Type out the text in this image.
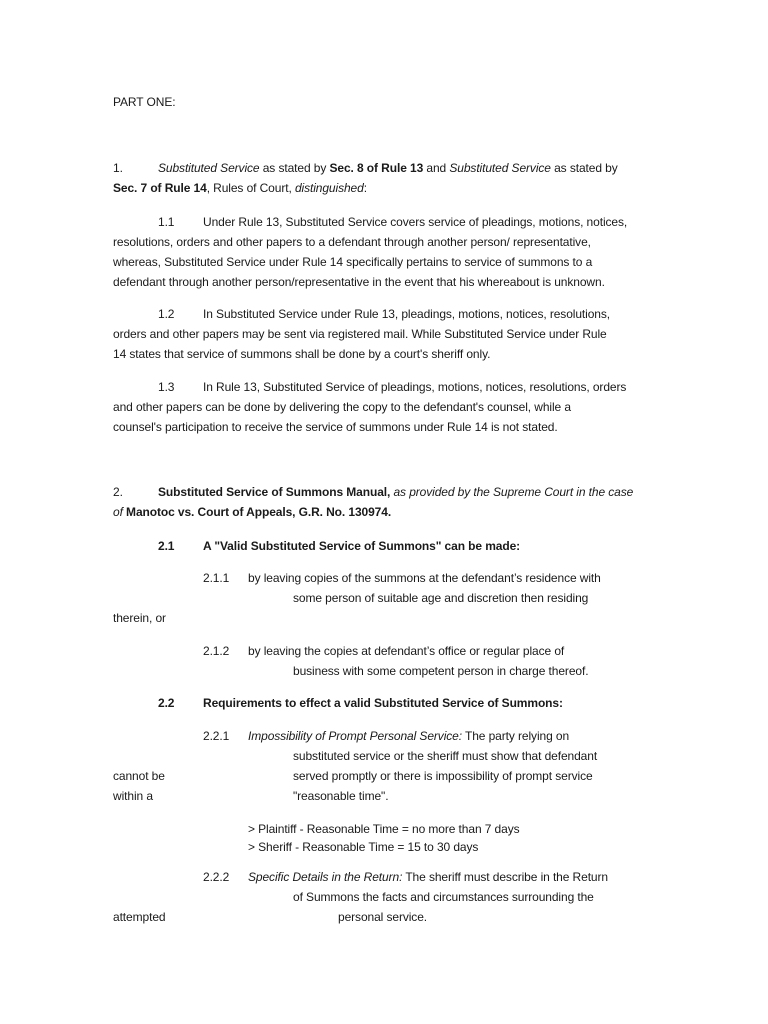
PART ONE:
1.	Substituted Service as stated by Sec. 8 of Rule 13 and Substituted Service as stated by
Sec. 7 of Rule 14, Rules of Court, distinguished:
1.1 Under Rule 13, Substituted Service covers service of pleadings, motions, notices,
resolutions, orders and other papers to a defendant through another person/ representative,
whereas, Substituted Service under Rule 14 specifically pertains to service of summons to a
defendant through another person/representative in the event that his whereabout is unknown.
1.2 In Substituted Service under Rule 13, pleadings, motions, notices, resolutions,
orders and other papers may be sent via registered mail. While Substituted Service under Rule
14 states that service of summons shall be done by a court's sheriff only.
1.3 In Rule 13, Substituted Service of pleadings, motions, notices, resolutions, orders
and other papers can be done by delivering the copy to the defendant's counsel, while a
counsel's participation to receive the service of summons under Rule 14 is not stated.
2.	Substituted Service of Summons Manual, as provided by the Supreme Court in the case
of Manotoc vs. Court of Appeals, G.R. No. 130974.
2.1 A "Valid Substituted Service of Summons" can be made:
2.1.1 by leaving copies of the summons at the defendant’s residence with
some person of suitable age and discretion then residing
therein, or
2.1.2 by leaving the copies at defendant’s office or regular place of
business with some competent person in charge thereof.
2.2 Requirements to effect a valid Substituted Service of Summons:
2.2.1 Impossibility of Prompt Personal Service: The party relying on
substituted service or the sheriff must show that defendant
cannot be	served promptly or there is impossibility of prompt service
within a	"reasonable time".
> Plaintiff - Reasonable Time = no more than 7 days
> Sheriff - Reasonable Time = 15 to 30 days
2.2.2 Specific Details in the Return: The sheriff must describe in the Return
of Summons the facts and circumstances surrounding the
attempted	personal service.
